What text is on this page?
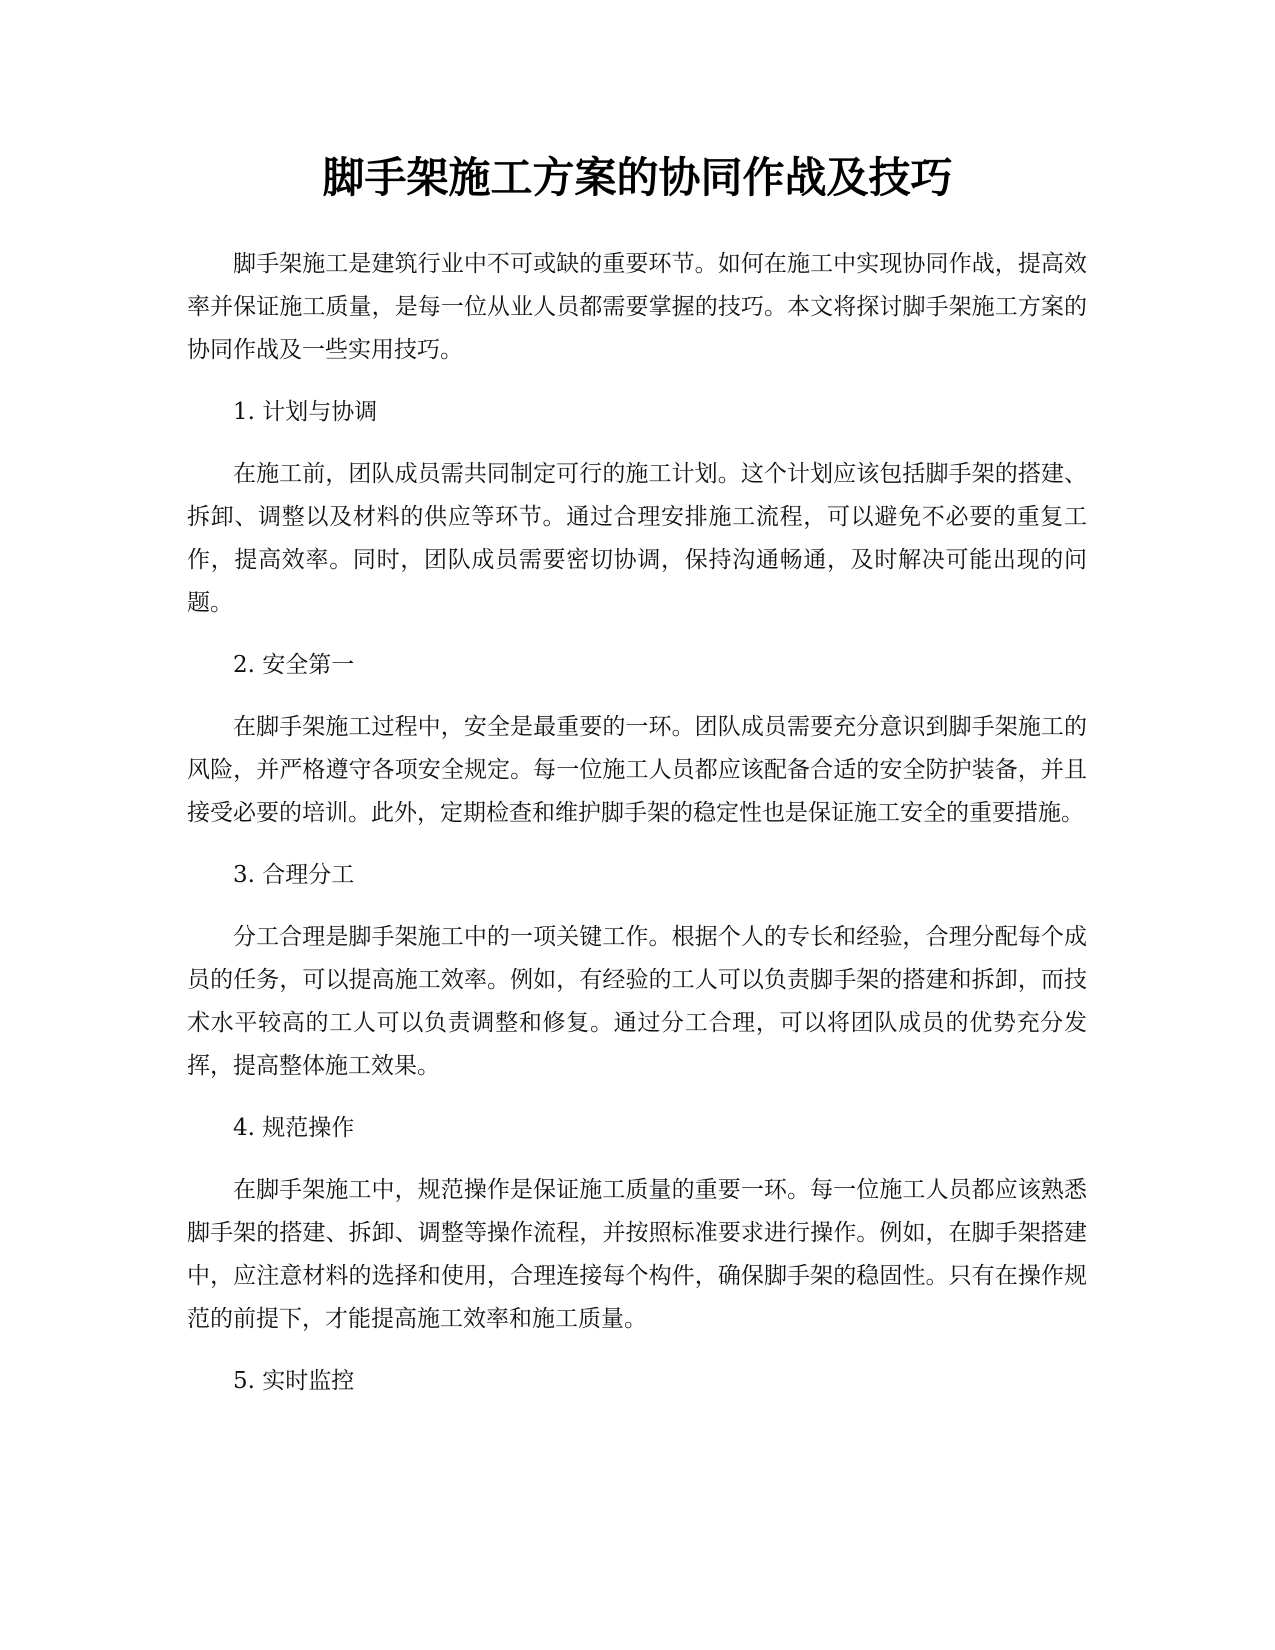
脚手架施工方案的协同作战及技巧

脚手架施工是建筑行业中不可或缺的重要环节。如何在施工中实现协同作战，提高效率并保证施工质量，是每一位从业人员都需要掌握的技巧。本文将探讨脚手架施工方案的协同作战及一些实用技巧。

1. 计划与协调

在施工前，团队成员需共同制定可行的施工计划。这个计划应该包括脚手架的搭建、拆卸、调整以及材料的供应等环节。通过合理安排施工流程，可以避免不必要的重复工作，提高效率。同时，团队成员需要密切协调，保持沟通畅通，及时解决可能出现的问题。

2. 安全第一

在脚手架施工过程中，安全是最重要的一环。团队成员需要充分意识到脚手架施工的风险，并严格遵守各项安全规定。每一位施工人员都应该配备合适的安全防护装备，并且接受必要的培训。此外，定期检查和维护脚手架的稳定性也是保证施工安全的重要措施。

3. 合理分工

分工合理是脚手架施工中的一项关键工作。根据个人的专长和经验，合理分配每个成员的任务，可以提高施工效率。例如，有经验的工人可以负责脚手架的搭建和拆卸，而技术水平较高的工人可以负责调整和修复。通过分工合理，可以将团队成员的优势充分发挥，提高整体施工效果。

4. 规范操作

在脚手架施工中，规范操作是保证施工质量的重要一环。每一位施工人员都应该熟悉脚手架的搭建、拆卸、调整等操作流程，并按照标准要求进行操作。例如，在脚手架搭建中，应注意材料的选择和使用，合理连接每个构件，确保脚手架的稳固性。只有在操作规范的前提下，才能提高施工效率和施工质量。

5. 实时监控
